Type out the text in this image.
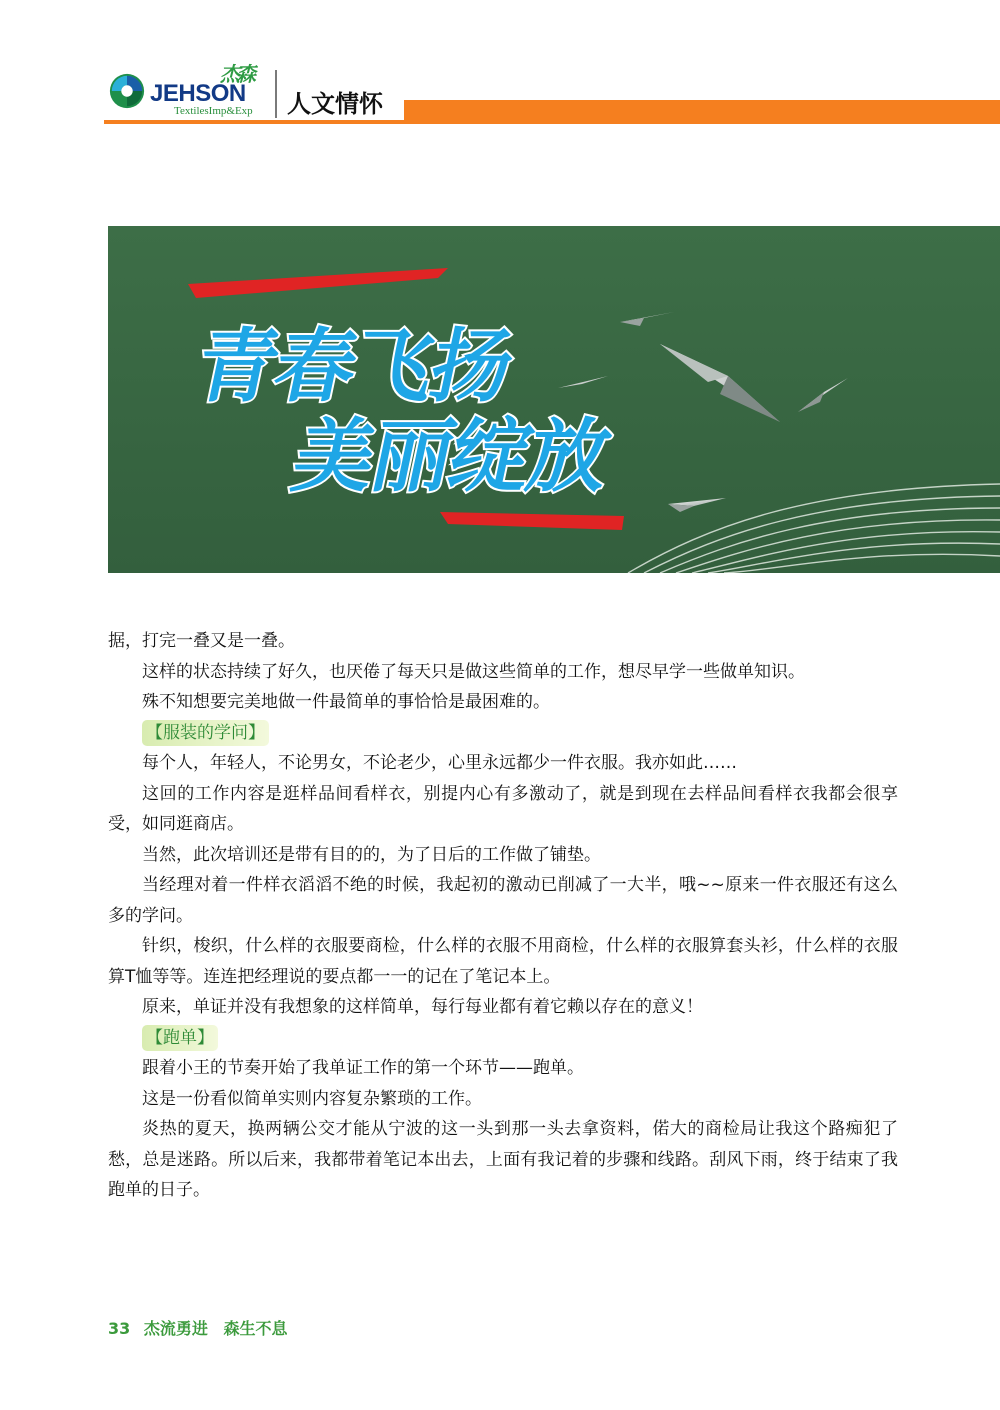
JEHSON
杰森
TextilesImp&Exp 人文情怀
青春飞扬
美丽绽放

据，打完一叠又是一叠。

这样的状态持续了好久，也厌倦了每天只是做这些简单的工作，想尽早学一些做单知识。

殊不知想要完美地做一件最简单的事恰恰是最困难的。

【服装的学问】

每个人，年轻人，不论男女，不论老少，心里永远都少一件衣服。我亦如此……

这回的工作内容是逛样品间看样衣，别提内心有多激动了，就是到现在去样品间看样衣我都会很享受，如同逛商店。

当然，此次培训还是带有目的的，为了日后的工作做了铺垫。

当经理对着一件样衣滔滔不绝的时候，我起初的激动已削减了一大半，哦~~原来一件衣服还有这么多的学问。

针织，梭织，什么样的衣服要商检，什么样的衣服不用商检，什么样的衣服算套头衫，什么样的衣服算T恤等等。连连把经理说的要点都一一的记在了笔记本上。

原来，单证并没有我想象的这样简单，每行每业都有着它赖以存在的意义！

【跑单】

跟着小王的节奏开始了我单证工作的第一个环节——跑单。

这是一份看似简单实则内容复杂繁琐的工作。

炎热的夏天，换两辆公交才能从宁波的这一头到那一头去拿资料，偌大的商检局让我这个路痴犯了愁，总是迷路。所以后来，我都带着笔记本出去，上面有我记着的步骤和线路。刮风下雨，终于结束了我跑单的日子。

33 杰流勇进 森生不息
